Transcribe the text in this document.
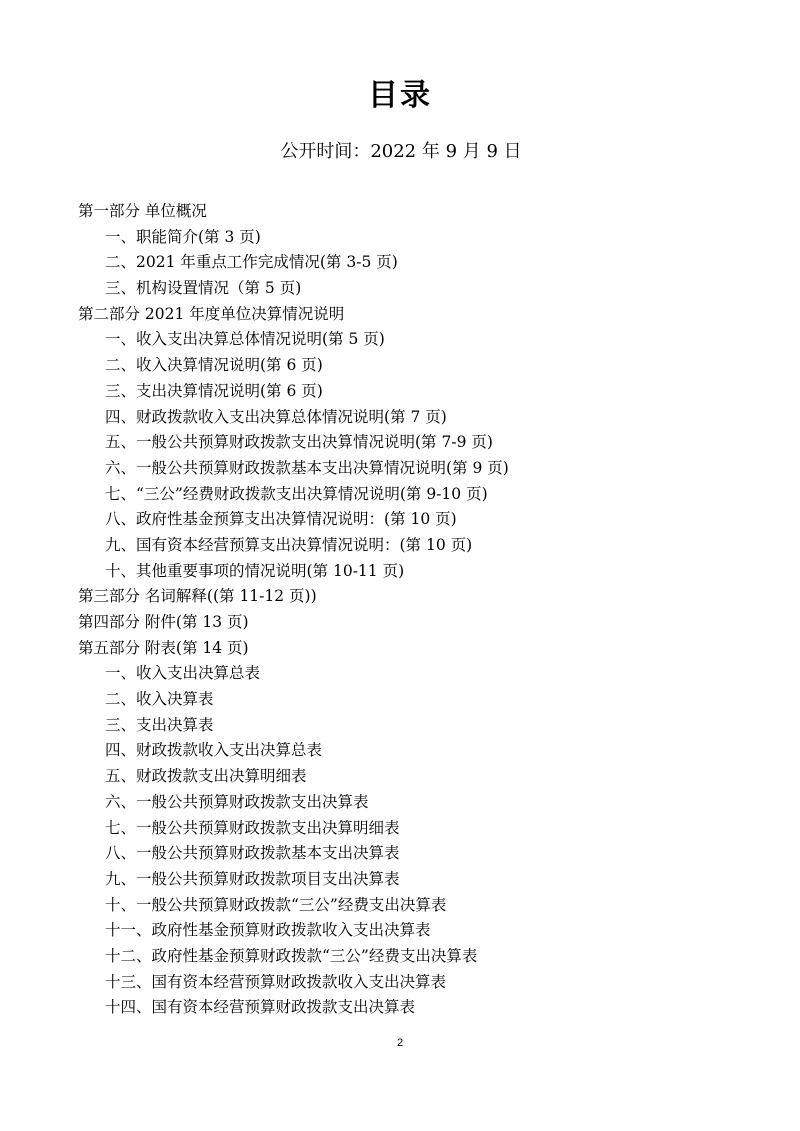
目录
公开时间：2022 年 9 月 9 日
第一部分 单位概况
一、职能简介(第 3 页)
二、2021 年重点工作完成情况(第 3-5 页)
三、机构设置情况（第 5 页)
第二部分 2021 年度单位决算情况说明
一、收入支出决算总体情况说明(第 5 页)
二、收入决算情况说明(第 6 页)
三、支出决算情况说明(第 6 页)
四、财政拨款收入支出决算总体情况说明(第 7 页)
五、一般公共预算财政拨款支出决算情况说明(第 7-9 页)
六、一般公共预算财政拨款基本支出决算情况说明(第 9 页)
七、“三公”经费财政拨款支出决算情况说明(第 9-10 页)
八、政府性基金预算支出决算情况说明：(第 10 页)
九、国有资本经营预算支出决算情况说明：(第 10 页)
十、其他重要事项的情况说明(第 10-11 页)
第三部分 名词解释((第 11-12 页))
第四部分 附件(第 13 页)
第五部分 附表(第 14 页)
一、收入支出决算总表
二、收入决算表
三、支出决算表
四、财政拨款收入支出决算总表
五、财政拨款支出决算明细表
六、一般公共预算财政拨款支出决算表
七、一般公共预算财政拨款支出决算明细表
八、一般公共预算财政拨款基本支出决算表
九、一般公共预算财政拨款项目支出决算表
十、一般公共预算财政拨款“三公”经费支出决算表
十一、政府性基金预算财政拨款收入支出决算表
十二、政府性基金预算财政拨款“三公”经费支出决算表
十三、国有资本经营预算财政拨款收入支出决算表
十四、国有资本经营预算财政拨款支出决算表
2
